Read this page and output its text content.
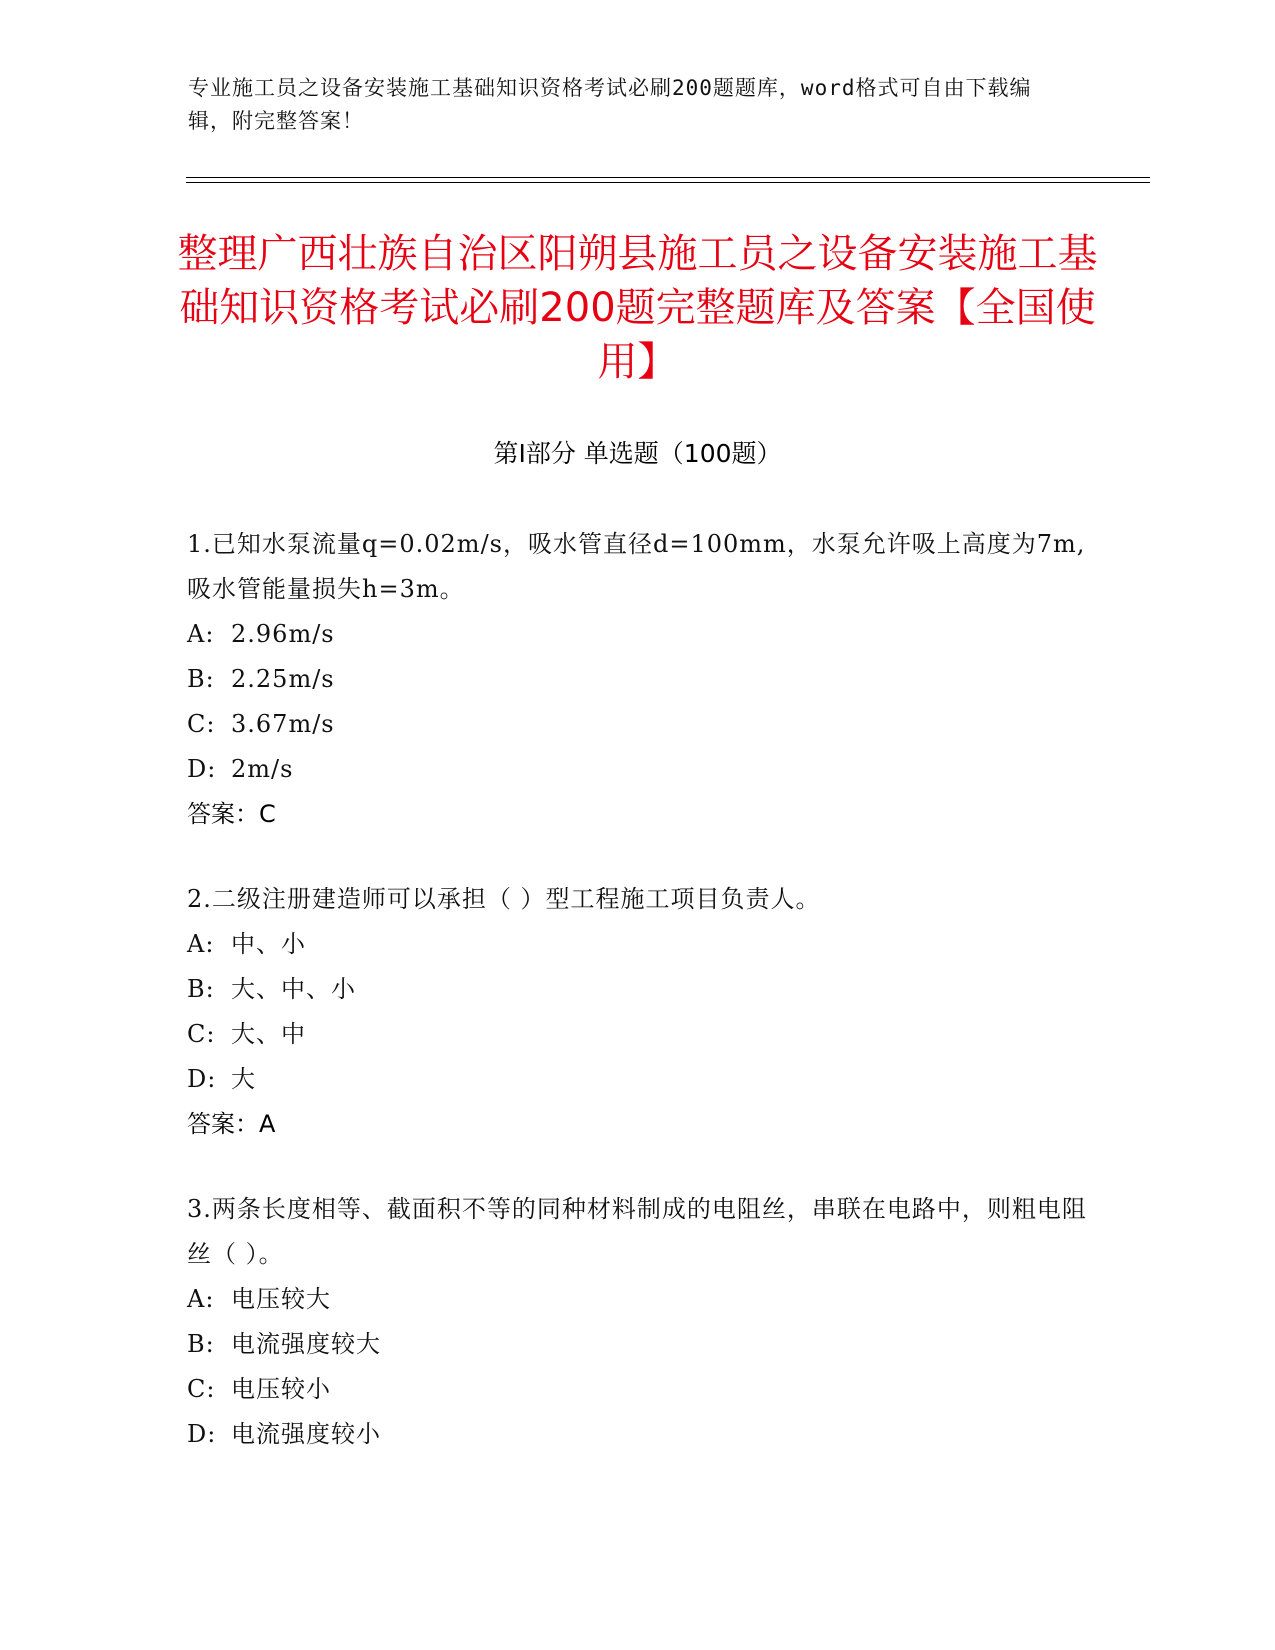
专业施工员之设备安装施工基础知识资格考试必刷200题题库，word格式可自由下载编辑，附完整答案！
整理广西壮族自治区阳朔县施工员之设备安装施工基础知识资格考试必刷200题完整题库及答案【全国使用】
第Ⅰ部分 单选题（100题）
1.已知水泵流量q=0.02m/s，吸水管直径d=100mm，水泵允许吸上高度为7m,吸水管能量损失h=3m。
A: 2.96m/s
B: 2.25m/s
C: 3.67m/s
D: 2m/s
答案：C
2.二级注册建造师可以承担（ ）型工程施工项目负责人。
A: 中、小
B: 大、中、小
C: 大、中
D: 大
答案：A
3.两条长度相等、截面积不等的同种材料制成的电阻丝，串联在电路中，则粗电阻丝（ ）。
A: 电压较大
B: 电流强度较大
C: 电压较小
D: 电流强度较小
